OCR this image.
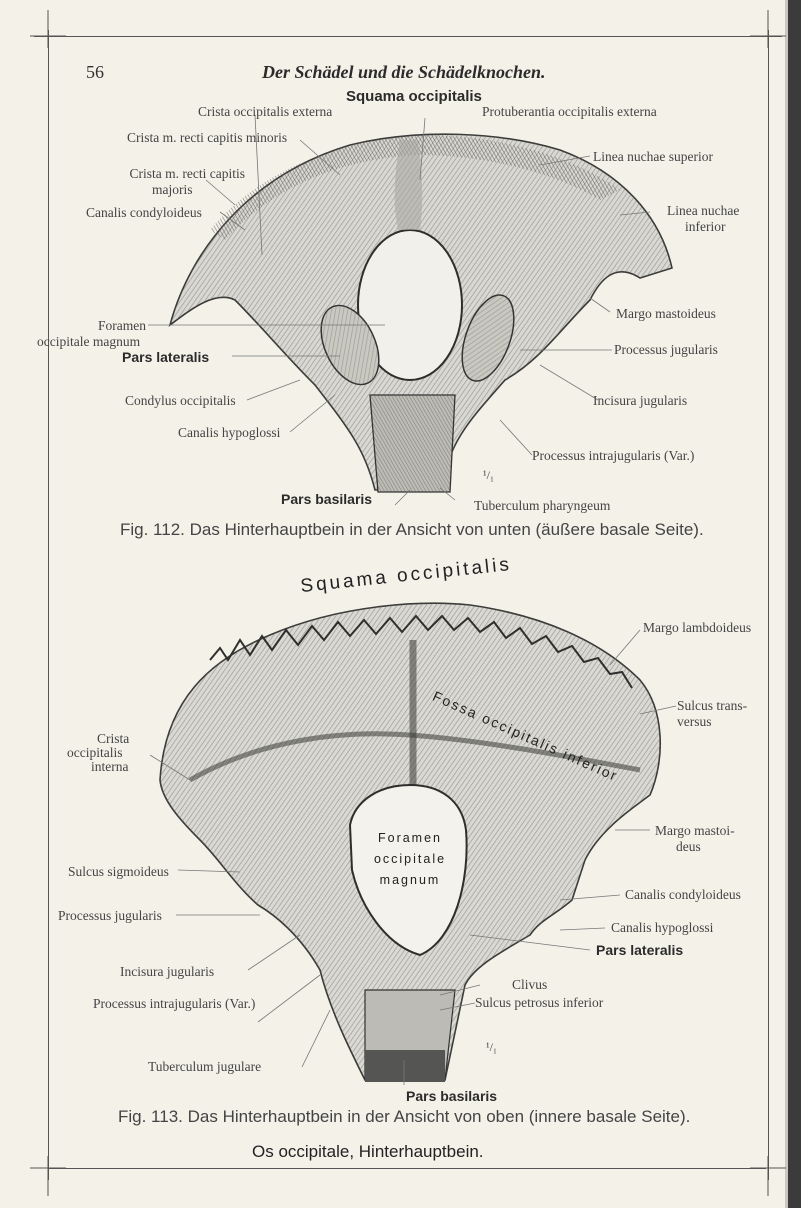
56	Der Schädel und die Schädelknochen.
Squama occipitalis
Crista occipitalis externa	Protuberantia occipitalis externa
Crista m. recti capitis minoris
Linea nuchae superior
Crista m. recti capitis
majoris
Canalis condyloideus	Linea nuchae
inferior
Margo mastoideus
Foramen
occipitale magnum
Pars lateralis	Processus jugularis
Condylus occipitalis	Incisura jugularis
Canalis hypoglossi
Processus intrajugularis (Var.)
¹/₁
Pars basilaris	Tuberculum pharyngeum
Fig. 112. Das Hinterhauptbein in der Ansicht von unten (äußere basale Seite).
Squama occipitalis
Fossa occipitalis inferior
Foramen
occipitale
magnum
Margo lambdoideus
Sulcus trans-
versus
Crista
occipitalis
interna
Margo mastoi-
deus
Sulcus sigmoideus
Canalis condyloideus
Processus jugularis
Canalis hypoglossi
Pars lateralis
Incisura jugularis
Clivus
Processus intrajugularis (Var.)	Sulcus petrosus inferior
¹/₁
Tuberculum jugulare
Pars basilaris
Fig. 113. Das Hinterhauptbein in der Ansicht von oben (innere basale Seite).
Os occipitale, Hinterhauptbein.
